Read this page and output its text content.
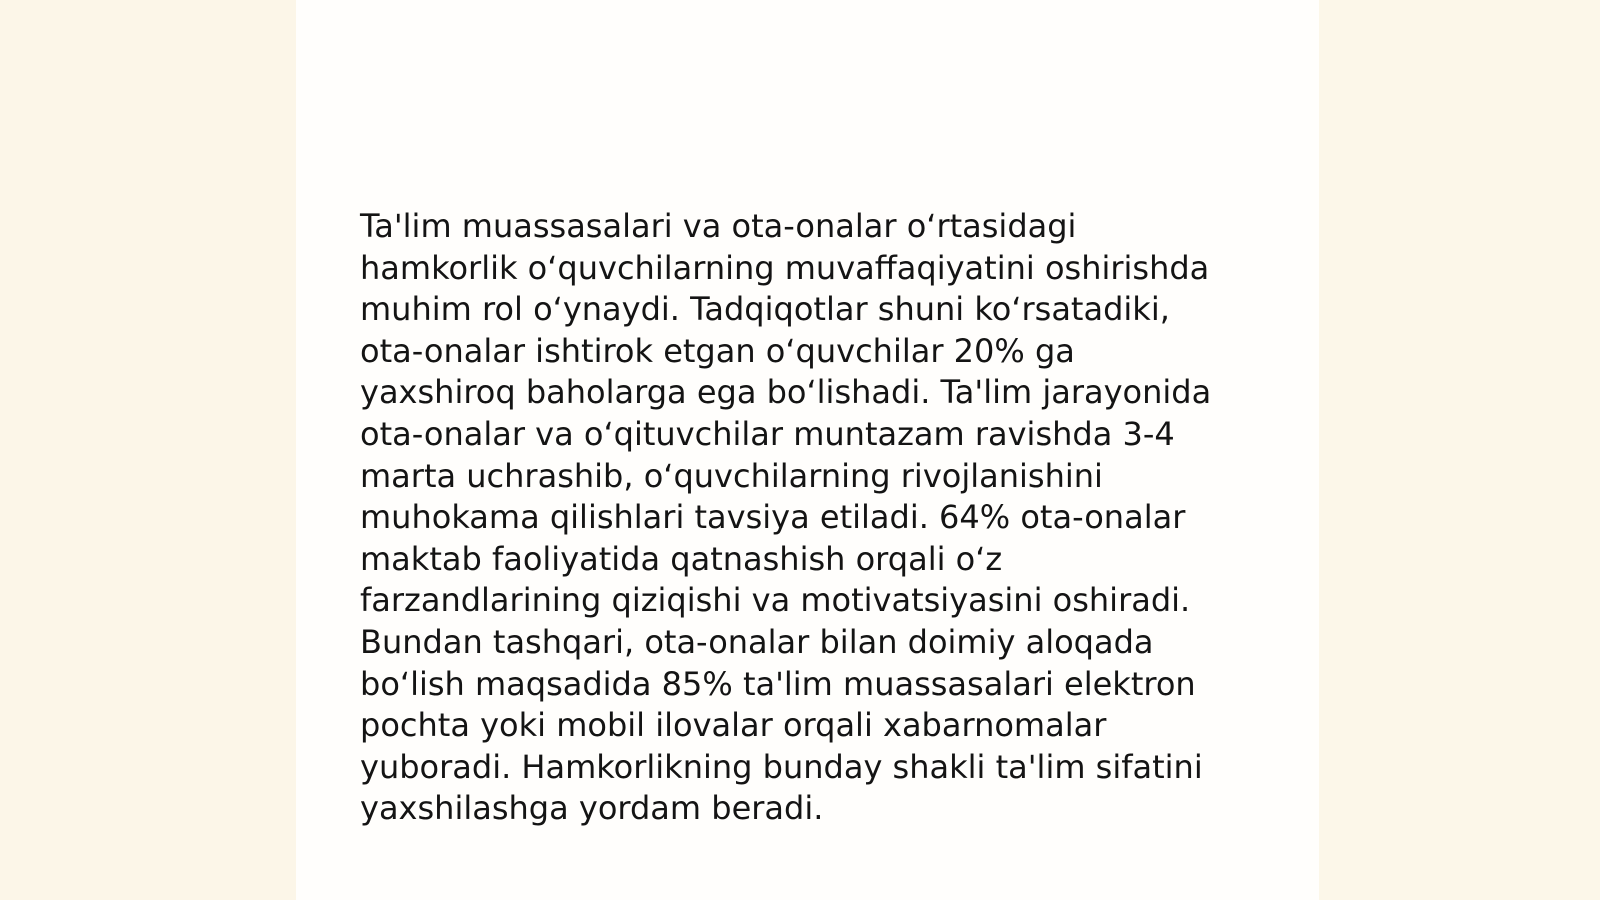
Ta'lim muassasalari va ota-onalar o‘rtasidagi
hamkorlik o‘quvchilarning muvaffaqiyatini oshirishda
muhim rol o‘ynaydi. Tadqiqotlar shuni ko‘rsatadiki,
ota-onalar ishtirok etgan o‘quvchilar 20% ga
yaxshiroq baholarga ega bo‘lishadi. Ta'lim jarayonida
ota-onalar va o‘qituvchilar muntazam ravishda 3-4
marta uchrashib, o‘quvchilarning rivojlanishini
muhokama qilishlari tavsiya etiladi. 64% ota-onalar
maktab faoliyatida qatnashish orqali o‘z
farzandlarining qiziqishi va motivatsiyasini oshiradi.
Bundan tashqari, ota-onalar bilan doimiy aloqada
bo‘lish maqsadida 85% ta'lim muassasalari elektron
pochta yoki mobil ilovalar orqali xabarnomalar
yuboradi. Hamkorlikning bunday shakli ta'lim sifatini
yaxshilashga yordam beradi.
